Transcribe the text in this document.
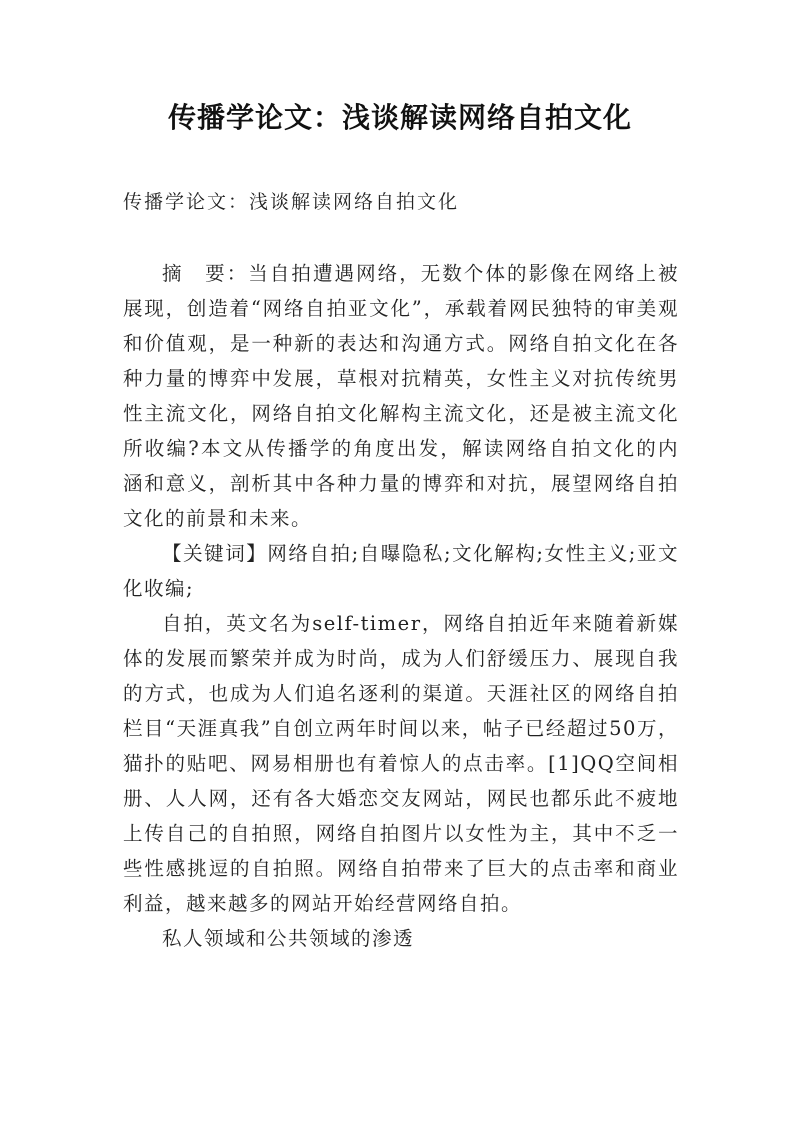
传播学论文：浅谈解读网络自拍文化
传播学论文：浅谈解读网络自拍文化

摘　要：当自拍遭遇网络，无数个体的影像在网络上被展现，创造着“网络自拍亚文化”，承载着网民独特的审美观和价值观，是一种新的表达和沟通方式。网络自拍文化在各种力量的博弈中发展，草根对抗精英，女性主义对抗传统男性主流文化，网络自拍文化解构主流文化，还是被主流文化所收编?本文从传播学的角度出发，解读网络自拍文化的内涵和意义，剖析其中各种力量的博弈和对抗，展望网络自拍文化的前景和未来。

【关键词】网络自拍;自曝隐私;文化解构;女性主义;亚文化收编;

自拍，英文名为self-timer，网络自拍近年来随着新媒体的发展而繁荣并成为时尚，成为人们舒缓压力、展现自我的方式，也成为人们追名逐利的渠道。天涯社区的网络自拍栏目“天涯真我”自创立两年时间以来，帖子已经超过50万，猫扑的贴吧、网易相册也有着惊人的点击率。[1]QQ空间相册、人人网，还有各大婚恋交友网站，网民也都乐此不疲地上传自己的自拍照，网络自拍图片以女性为主，其中不乏一些性感挑逗的自拍照。网络自拍带来了巨大的点击率和商业利益，越来越多的网站开始经营网络自拍。

私人领域和公共领域的渗透
